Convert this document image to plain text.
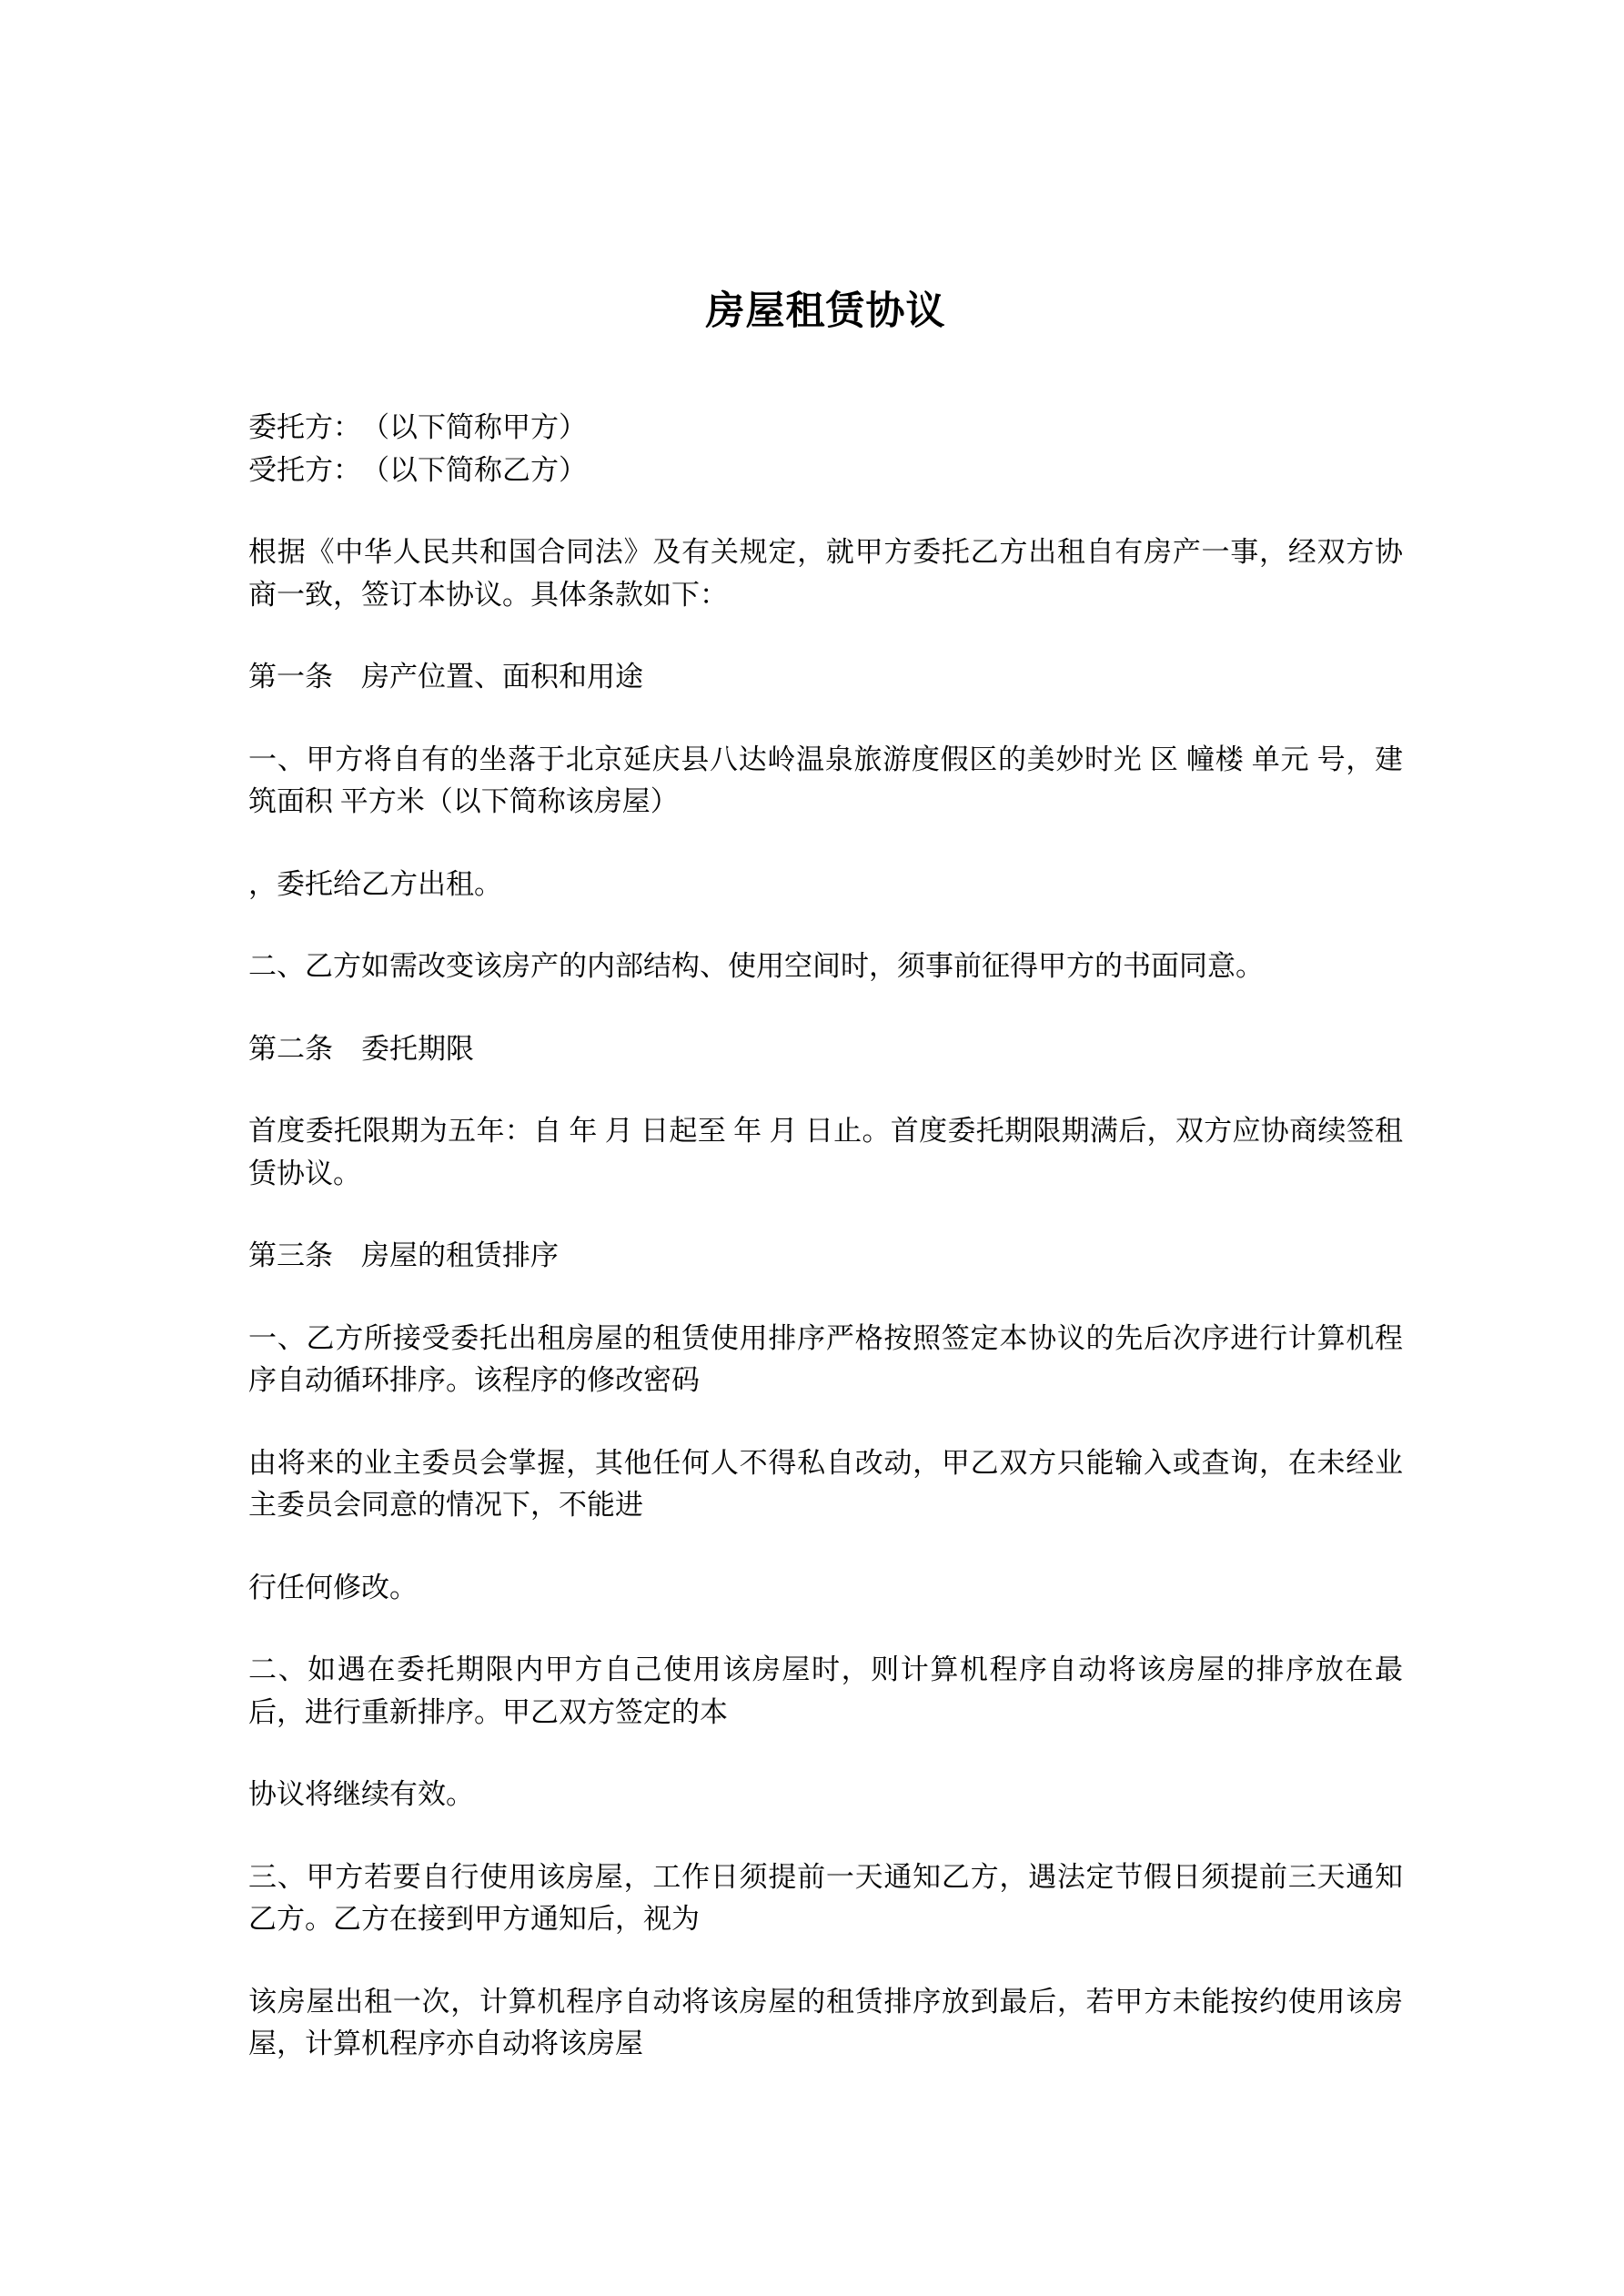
房屋租赁协议

委托方：　（以下简称甲方）

受托方：　（以下简称乙方）

根据《中华人民共和国合同法》及有关规定，就甲方委托乙方出租自有房产一事，经双方协商一致，签订本协议。具体条款如下：

第一条　房产位置、面积和用途

一、甲方将自有的坐落于北京延庆县八达岭温泉旅游度假区的美妙时光 区 幢楼 单元 号，建筑面积 平方米（以下简称该房屋）

，委托给乙方出租。

二、乙方如需改变该房产的内部结构、使用空间时，须事前征得甲方的书面同意。

第二条　委托期限

首度委托限期为五年：自 年 月 日起至 年 月 日止。首度委托期限期满后，双方应协商续签租赁协议。

第三条　房屋的租赁排序

一、乙方所接受委托出租房屋的租赁使用排序严格按照签定本协议的先后次序进行计算机程序自动循环排序。该程序的修改密码

由将来的业主委员会掌握，其他任何人不得私自改动，甲乙双方只能输入或查询，在未经业主委员会同意的情况下，不能进

行任何修改。

二、如遇在委托期限内甲方自己使用该房屋时，则计算机程序自动将该房屋的排序放在最后，进行重新排序。甲乙双方签定的本

协议将继续有效。

三、甲方若要自行使用该房屋，工作日须提前一天通知乙方，遇法定节假日须提前三天通知乙方。乙方在接到甲方通知后，视为

该房屋出租一次，计算机程序自动将该房屋的租赁排序放到最后，若甲方未能按约使用该房屋，计算机程序亦自动将该房屋
